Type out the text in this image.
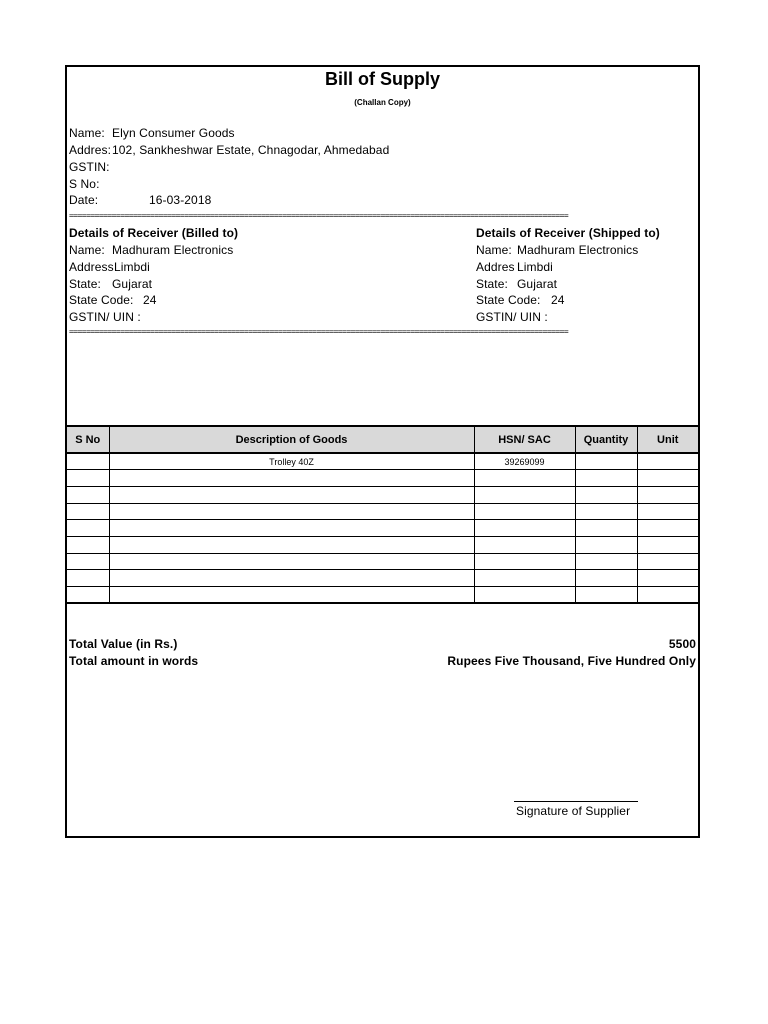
Bill of Supply
(Challan Copy)
Name: Elyn Consumer Goods
Addres: 102, Sankheshwar Estate, Chnagodar, Ahmedabad
GSTIN:
S No:
Date:	16-03-2018
=====================================================================================================================
Details of Receiver (Billed to)
Name: Madhuram Electronics
Address Limbdi
State: Gujarat
State Code: 24
GSTIN/ UIN :
Details of Receiver (Shipped to)
Name: Madhuram Electronics
Addres Limbdi
State: Gujarat
State Code: 24
GSTIN/ UIN :
=====================================================================================================================
S No	Description of Goods	HSN/ SAC	Quantity	Unit
	Trolley 40Z	39269099		

Total Value (in Rs.)	5500
Total amount in words	Rupees Five Thousand, Five Hundred Only
Signature of Supplier
